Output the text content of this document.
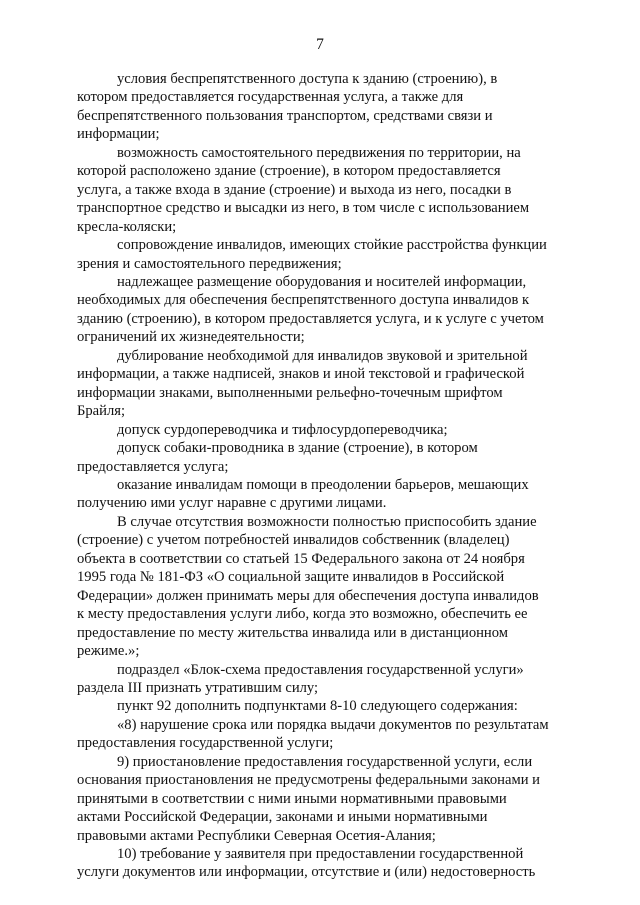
7

условия беспрепятственного доступа к зданию (строению), в
котором предоставляется государственная услуга, а также для
беспрепятственного пользования транспортом, средствами связи и
информации;

возможность самостоятельного передвижения по территории, на
которой расположено здание (строение), в котором предоставляется
услуга, а также входа в здание (строение) и выхода из него, посадки в
транспортное средство и высадки из него, в том числе с использованием
кресла-коляски;

сопровождение инвалидов, имеющих стойкие расстройства функции
зрения и самостоятельного передвижения;

надлежащее размещение оборудования и носителей информации,
необходимых для обеспечения беспрепятственного доступа инвалидов к
зданию (строению), в котором предоставляется услуга, и к услуге с учетом
ограничений их жизнедеятельности;

дублирование необходимой для инвалидов звуковой и зрительной
информации, а также надписей, знаков и иной текстовой и графической
информации знаками, выполненными рельефно-точечным шрифтом
Брайля;

допуск сурдопереводчика и тифлосурдопереводчика;

допуск собаки-проводника в здание (строение), в котором
предоставляется услуга;

оказание инвалидам помощи в преодолении барьеров, мешающих
получению ими услуг наравне с другими лицами.

В случае отсутствия возможности полностью приспособить здание
(строение) с учетом потребностей инвалидов собственник (владелец)
объекта в соответствии со статьей 15 Федерального закона от 24 ноября
1995 года № 181-ФЗ «О социальной защите инвалидов в Российской
Федерации» должен принимать меры для обеспечения доступа инвалидов
к месту предоставления услуги либо, когда это возможно, обеспечить ее
предоставление по месту жительства инвалида или в дистанционном
режиме.»;

подраздел «Блок-схема предоставления государственной услуги»
раздела III признать утратившим силу;

пункт 92 дополнить подпунктами 8-10 следующего содержания:

«8) нарушение срока или порядка выдачи документов по результатам
предоставления государственной услуги;

9) приостановление предоставления государственной услуги, если
основания приостановления не предусмотрены федеральными законами и
принятыми в соответствии с ними иными нормативными правовыми
актами Российской Федерации, законами и иными нормативными
правовыми актами Республики Северная Осетия-Алания;

10) требование у заявителя при предоставлении государственной
услуги документов или информации, отсутствие и (или) недостоверность
